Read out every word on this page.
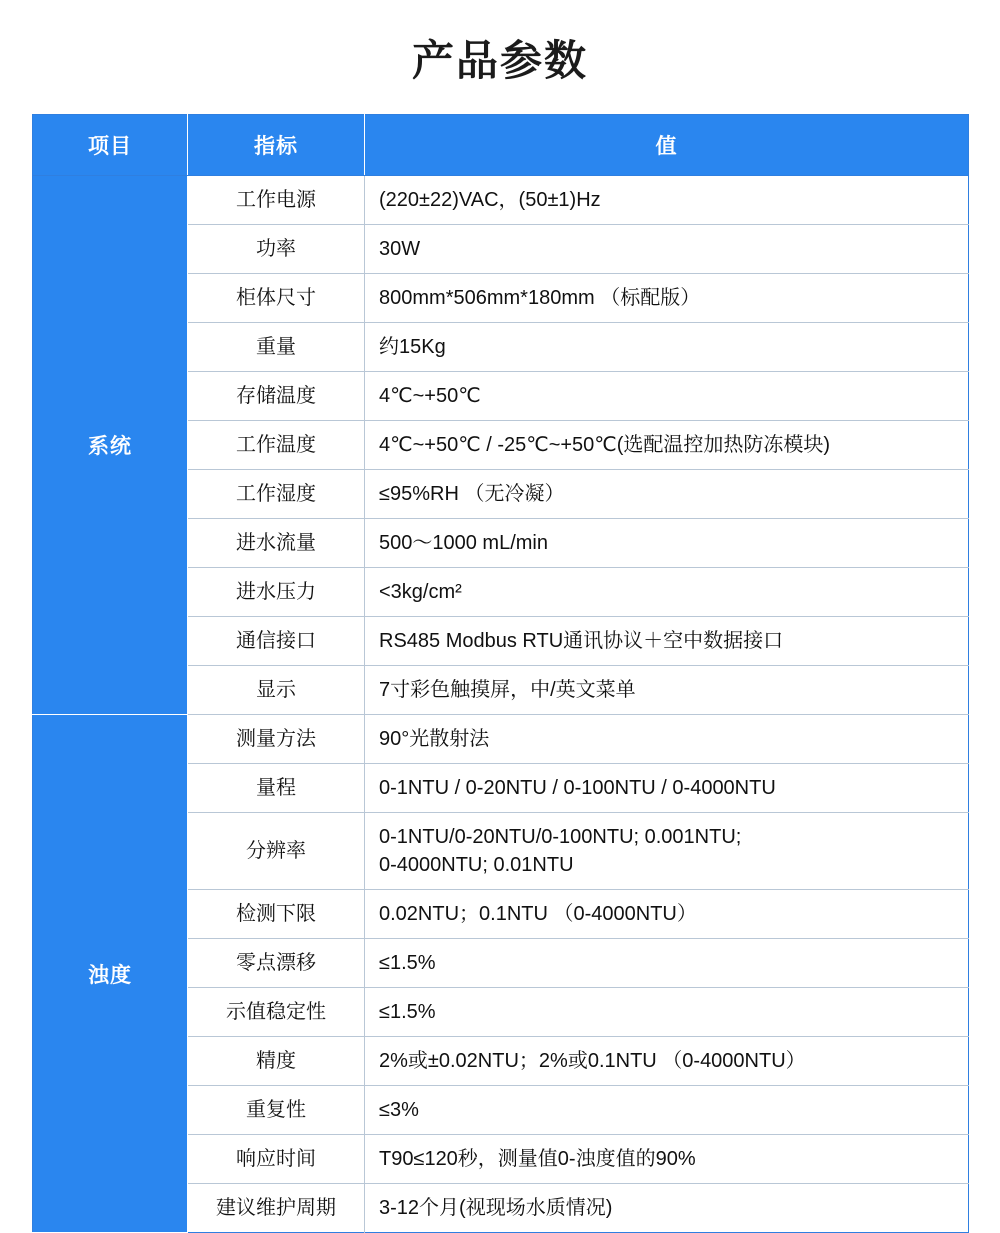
产品参数
项目	指标	值
系统	工作电源	(220±22)VAC，(50±1)Hz
	功率	30W
	柜体尺寸	800mm*506mm*180mm （标配版）
	重量	约15Kg
	存储温度	4℃~+50℃
	工作温度	4℃~+50℃ / -25℃~+50℃(选配温控加热防冻模块)
	工作湿度	≤95%RH （无冷凝）
	进水流量	500～1000 mL/min
	进水压力	<3kg/cm²
	通信接口	RS485 Modbus RTU通讯协议＋空中数据接口
	显示	7寸彩色触摸屏，中/英文菜单
浊度	测量方法	90°光散射法
	量程	0-1NTU / 0-20NTU / 0-100NTU / 0-4000NTU
	分辨率	0-1NTU/0-20NTU/0-100NTU; 0.001NTU;
0-4000NTU; 0.01NTU

	检测下限	0.02NTU；0.1NTU （0-4000NTU）
	零点漂移	≤1.5%
	示值稳定性	≤1.5%
	精度	2%或±0.02NTU；2%或0.1NTU （0-4000NTU）
	重复性	≤3%
	响应时间	T90≤120秒，测量值0-浊度值的90%
	建议维护周期	3-12个月(视现场水质情况)
